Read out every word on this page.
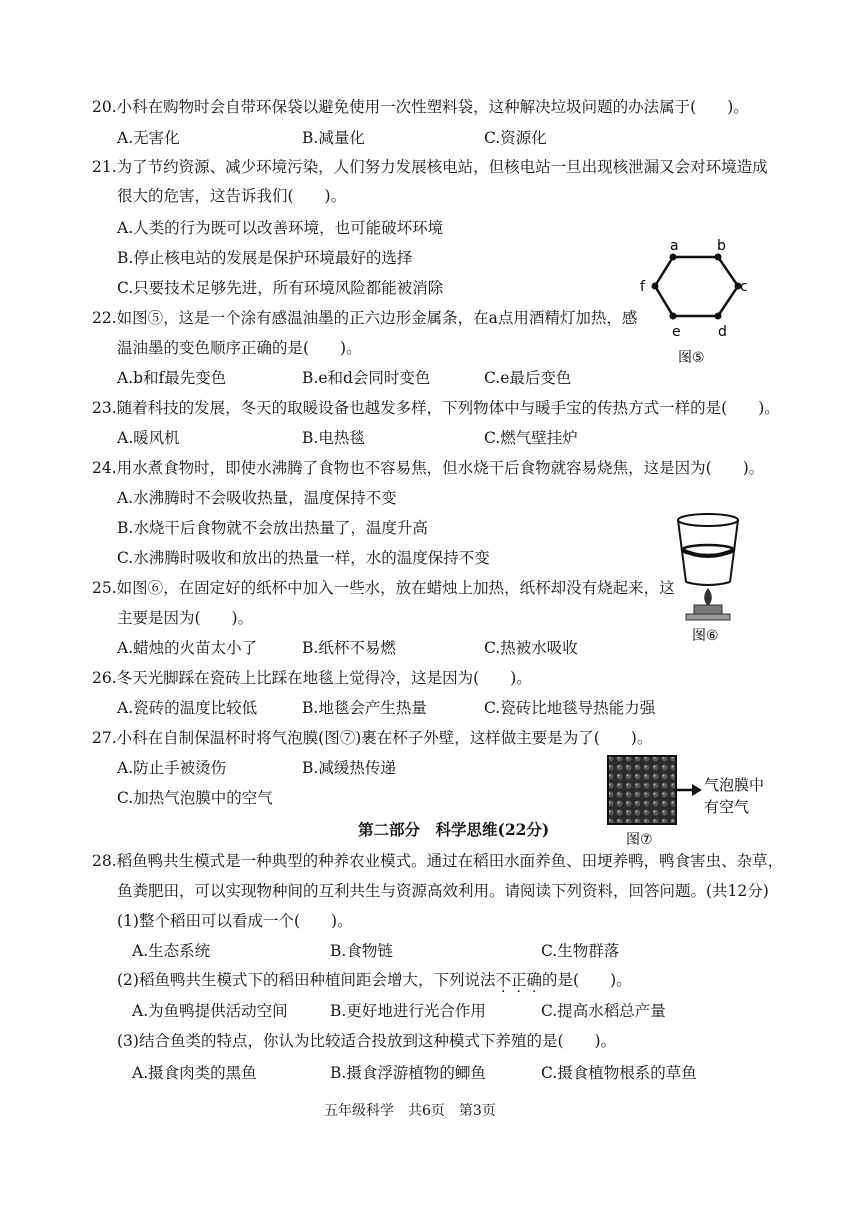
20.小科在购物时会自带环保袋以避免使用一次性塑料袋，这种解决垃圾问题的办法属于(　　)。
A.无害化	B.减量化	C.资源化
21.为了节约资源、减少环境污染，人们努力发展核电站，但核电站一旦出现核泄漏又会对环境造成
很大的危害，这告诉我们(　　)。
A.人类的行为既可以改善环境，也可能破坏环境
B.停止核电站的发展是保护环境最好的选择
C.只要技术足够先进，所有环境风险都能被消除
a	b
c
d
e
f
图⑤
22.如图⑤，这是一个涂有感温油墨的正六边形金属条，在a点用酒精灯加热，感
温油墨的变色顺序正确的是(　　)。
A.b和f最先变色	B.e和d会同时变色	C.e最后变色
23.随着科技的发展，冬天的取暖设备也越发多样，下列物体中与暖手宝的传热方式一样的是(　　)。
A.暖风机	B.电热毯	C.燃气壁挂炉
24.用水煮食物时，即使水沸腾了食物也不容易焦，但水烧干后食物就容易烧焦，这是因为(　　)。
A.水沸腾时不会吸收热量，温度保持不变
B.水烧干后食物就不会放出热量了，温度升高
C.水沸腾时吸收和放出的热量一样，水的温度保持不变
图⑥
25.如图⑥，在固定好的纸杯中加入一些水，放在蜡烛上加热，纸杯却没有烧起来，这
主要是因为(　　)。
A.蜡烛的火苗太小了	B.纸杯不易燃	C.热被水吸收
26.冬天光脚踩在瓷砖上比踩在地毯上觉得冷，这是因为(　　)。
A.瓷砖的温度比较低	B.地毯会产生热量	C.瓷砖比地毯导热能力强
27.小科在自制保温杯时将气泡膜(图⑦)裹在杯子外壁，这样做主要是为了(　　)。
A.防止手被烫伤	B.减缓热传递
C.加热气泡膜中的空气
气泡膜中
有空气
图⑦
第二部分　科学思维(22分)
28.稻鱼鸭共生模式是一种典型的种养农业模式。通过在稻田水面养鱼、田埂养鸭，鸭食害虫、杂草，
鱼粪肥田，可以实现物种间的互利共生与资源高效利用。请阅读下列资料，回答问题。(共12分)
(1)整个稻田可以看成一个(　　)。
A.生态系统	B.食物链	C.生物群落
(2)稻鱼鸭共生模式下的稻田种植间距会增大，下列说法不正确的是(　　)。
A.为鱼鸭提供活动空间	B.更好地进行光合作用	C.提高水稻总产量
(3)结合鱼类的特点，你认为比较适合投放到这种模式下养殖的是(　　)。
A.摄食肉类的黑鱼	B.摄食浮游植物的鲫鱼	C.摄食植物根系的草鱼
五年级科学　共6页　第3页
